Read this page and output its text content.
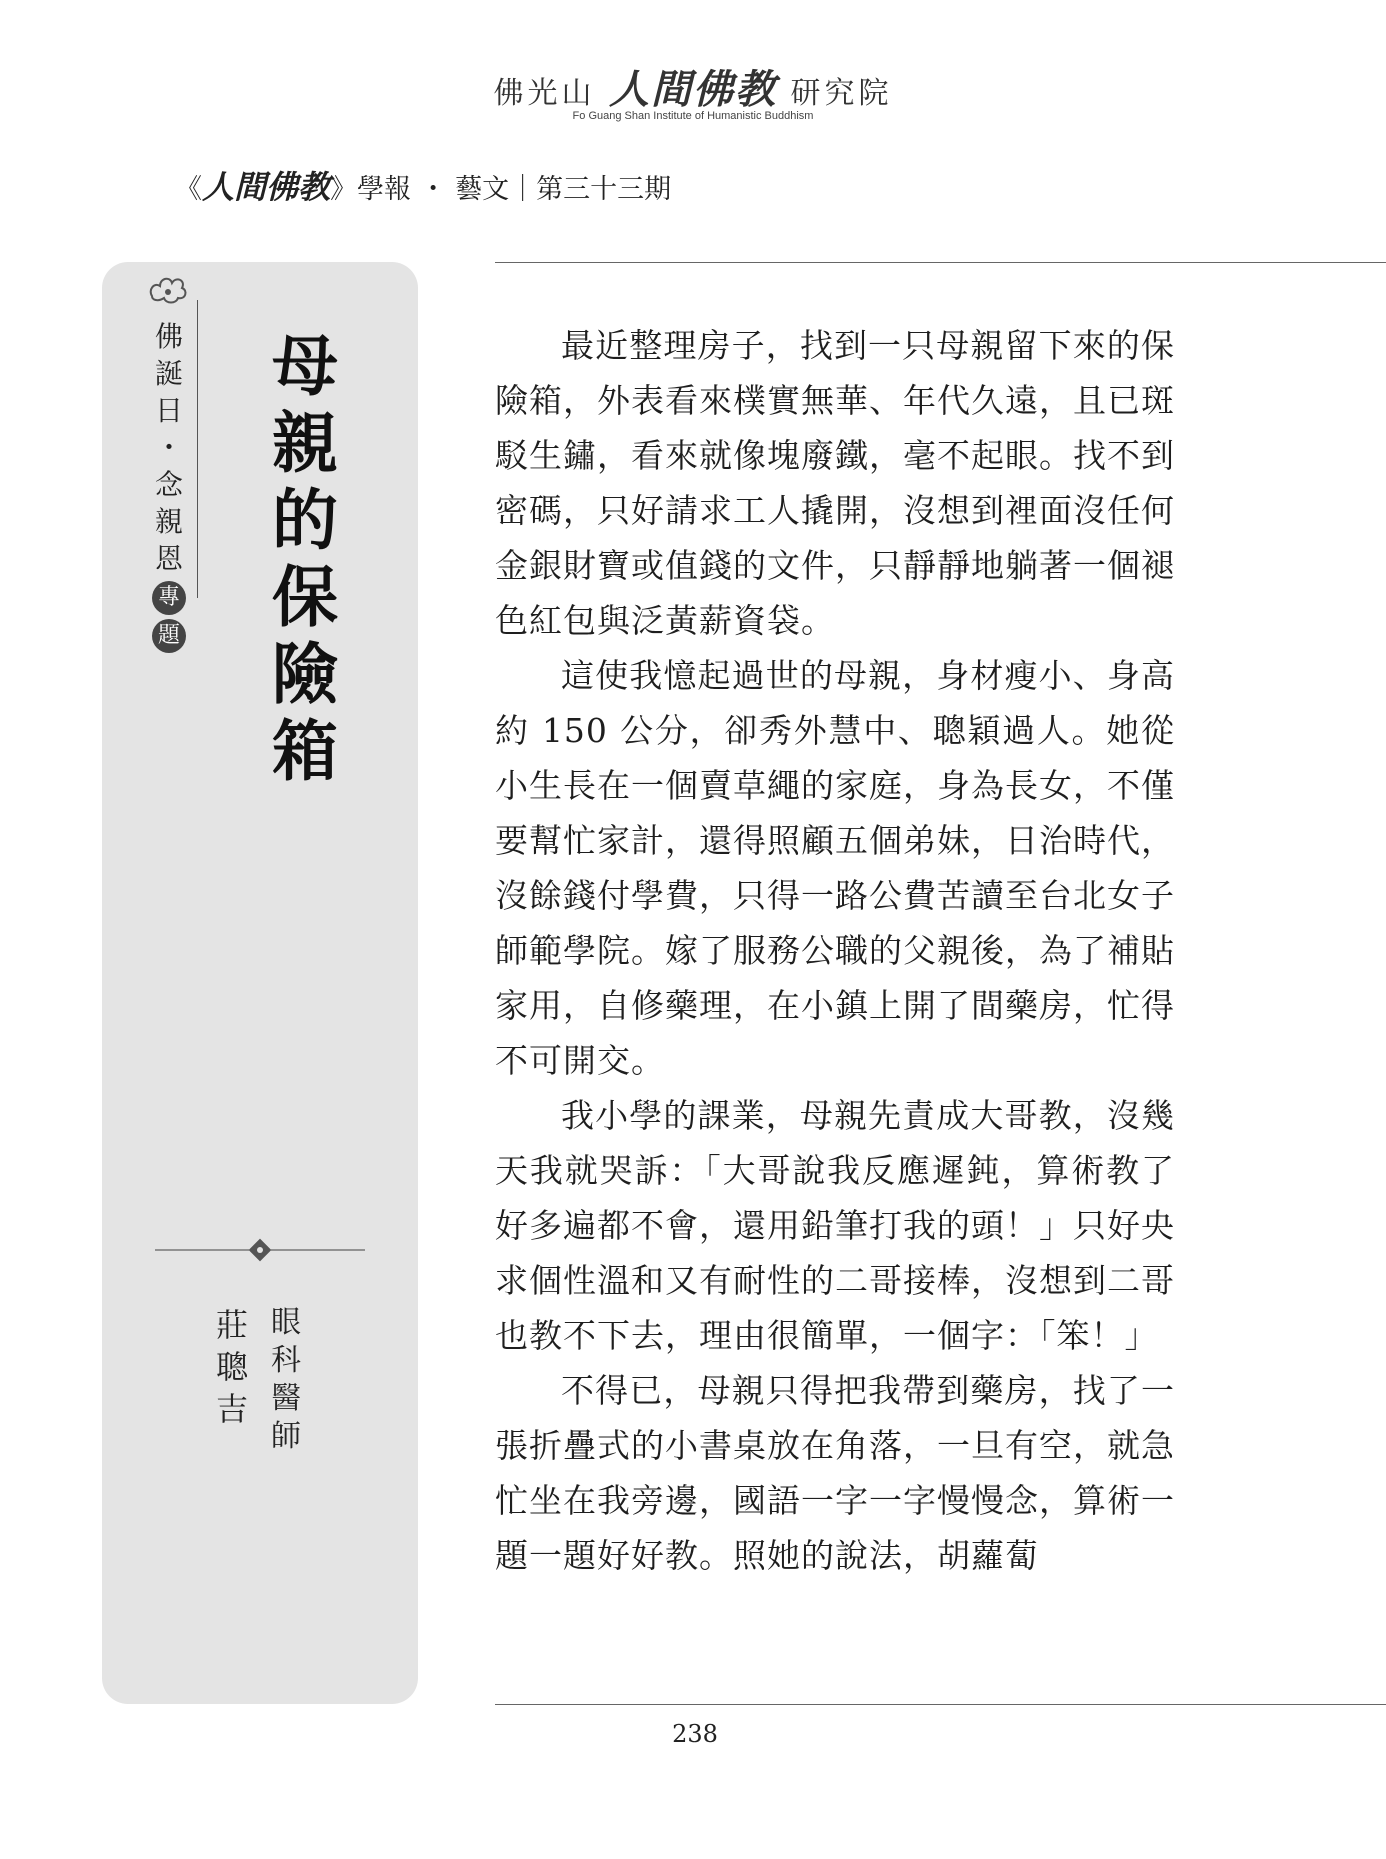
佛光山 人間佛教 研究院
Fo Guang Shan Institute of Humanistic Buddhism
《人間佛教》學報 ・ 藝文｜第三十三期
佛
誕
日
・
念
親
恩
專
題
母
親
的
保
險
箱
眼
科
醫
師
莊
聰
吉

最近整理房子，找到一只母親留下來的保險箱，外表看來樸實無華、年代久遠，且已斑駁生鏽，看來就像塊廢鐵，毫不起眼。找不到密碼，只好請求工人撬開，沒想到裡面沒任何金銀財寶或值錢的文件，只靜靜地躺著一個褪色紅包與泛黃薪資袋。

這使我憶起過世的母親，身材瘦小、身高約 150 公分，卻秀外慧中、聰穎過人。她從小生長在一個賣草繩的家庭，身為長女，不僅要幫忙家計，還得照顧五個弟妹，日治時代，沒餘錢付學費，只得一路公費苦讀至台北女子師範學院。嫁了服務公職的父親後，為了補貼家用，自修藥理，在小鎮上開了間藥房，忙得不可開交。

我小學的課業，母親先責成大哥教，沒幾天我就哭訴：「大哥說我反應遲鈍，算術教了好多遍都不會，還用鉛筆打我的頭！」只好央求個性溫和又有耐性的二哥接棒，沒想到二哥也教不下去，理由很簡單，一個字：「笨！」

不得已，母親只得把我帶到藥房，找了一張折疊式的小書桌放在角落，一旦有空，就急忙坐在我旁邊，國語一字一字慢慢念，算術一題一題好好教。照她的說法，胡蘿蔔

238
